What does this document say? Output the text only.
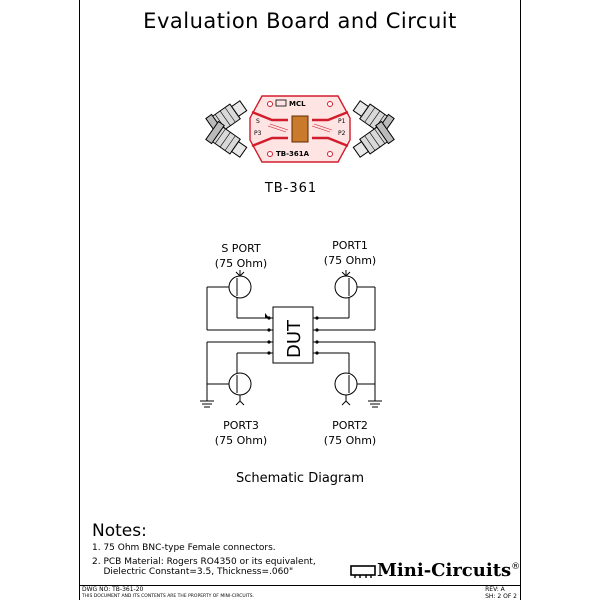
Evaluation Board and Circuit
MCL
TB-361A
S
P3
P1
P2
TB-361
S PORT
(75 Ohm)
PORT1
(75 Ohm)
PORT3
(75 Ohm)
PORT2
(75 Ohm)
DUT
Schematic Diagram
Notes:
1. 75 Ohm BNC-type Female connectors.
2. PCB Material: Rogers RO4350 or its equivalent,
Dielectric Constant=3.5, Thickness=.060"	Mini-Circuits ®
DWG NO: TB-361-20
THIS DOCUMENT AND ITS CONTENTS ARE THE PROPERTY OF MINI-CIRCUITS.
REV: A
SH: 2 OF 2
